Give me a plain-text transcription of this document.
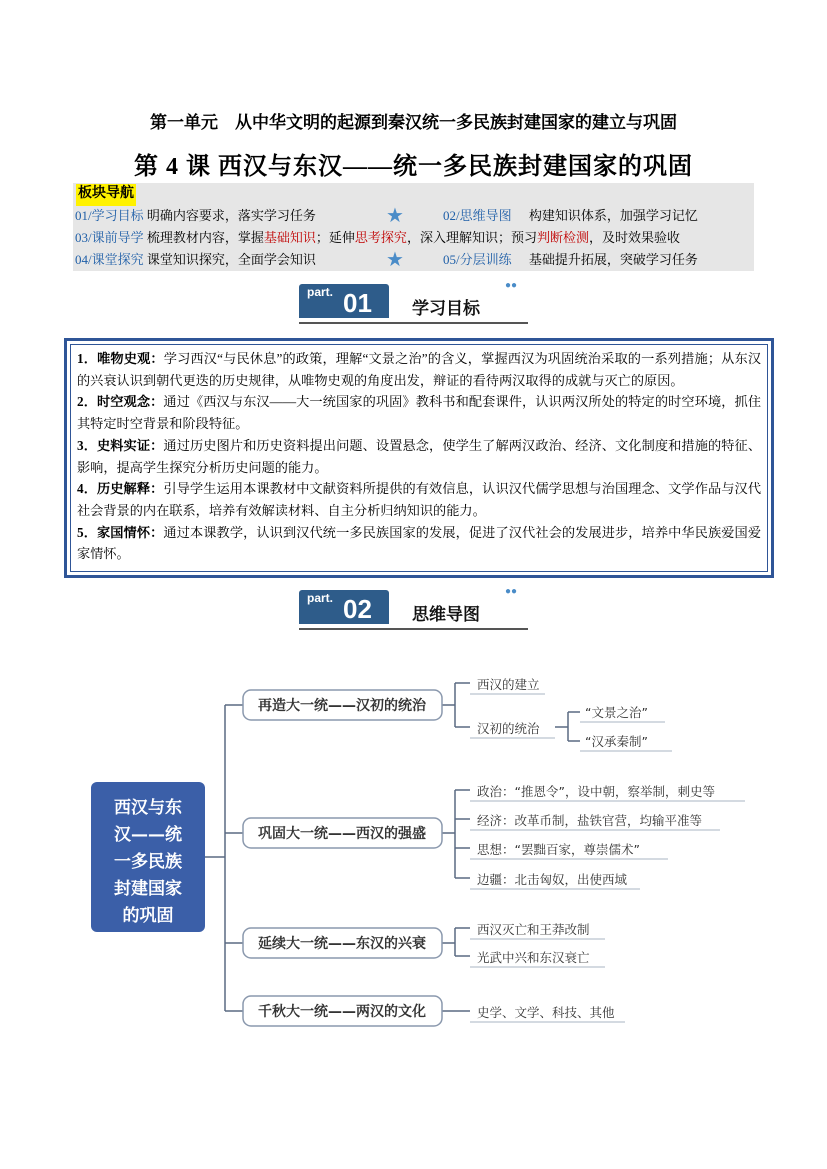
第一单元　从中华文明的起源到秦汉统一多民族封建国家的建立与巩固
第 4 课 西汉与东汉——统一多民族封建国家的巩固
板块导航
01/学习目标 明确内容要求，落实学习任务	★	02/思维导图 构建知识体系，加强学习记忆
03/课前导学 梳理教材内容，掌握基础知识；延伸思考探究，深入理解知识；预习判断检测，及时效果验收
04/课堂探究 课堂知识探究，全面学会知识	★	05/分层训练 基础提升拓展，突破学习任务
part. 01 学习目标
●●
1．唯物史观：学习西汉“与民休息”的政策，理解“文景之治”的含义，掌握西汉为巩固统治采取的一系列措施；从东汉的兴衰认识到朝代更迭的历史规律，从唯物史观的角度出发，辩证的看待两汉取得的成就与灭亡的原因。
2．时空观念：通过《西汉与东汉——大一统国家的巩固》教科书和配套课件，认识两汉所处的特定的时空环境，抓住其特定时空背景和阶段特征。
3．史料实证：通过历史图片和历史资料提出问题、设置悬念，使学生了解两汉政治、经济、文化制度和措施的特征、影响，提高学生探究分析历史问题的能力。
4．历史解释：引导学生运用本课教材中文献资料所提供的有效信息，认识汉代儒学思想与治国理念、文学作品与汉代社会背景的内在联系，培养有效解读材料、自主分析归纳知识的能力。
5．家国情怀：通过本课教学，认识到汉代统一多民族国家的发展，促进了汉代社会的发展进步，培养中华民族爱国爱家情怀。
part. 02 思维导图
●●
西汉与东
汉——统
一多民族
封建国家
的巩固
再造大一统——汉初的统治
巩固大一统——西汉的强盛
延续大一统——东汉的兴衰
千秋大一统——两汉的文化
西汉的建立
汉初的统治
“文景之治”
“汉承秦制”
政治：“推恩令”，设中朝，察举制，刺史等
经济：改革币制，盐铁官营，均输平准等
思想：“罢黜百家，尊崇儒术”
边疆：北击匈奴，出使西域
西汉灭亡和王莽改制
光武中兴和东汉衰亡
史学、文学、科技、其他
